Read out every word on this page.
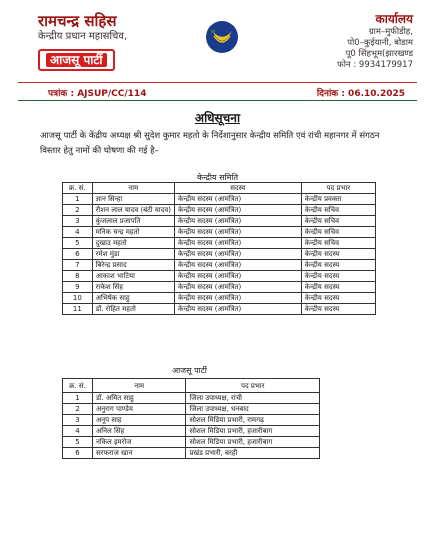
रामचन्द्र सहिस
केन्द्रीय प्रधान महासचिव,
आजसू पार्टी
कार्यालय
ग्राम–मुफीडीह,
पो0–कुईयानी, बोडाम
पू0 सिंहभूम(झारखण्ड
फोन : 9934179917
पत्रांक : AJSUP/CC/114	दिनांक : 06.10.2025
अधिसूचना
आजसू पार्टी के केंद्रीय अध्यक्ष श्री सुदेश कुमार महतो के निर्देशानुसार केन्द्रीय समिति एवं रांची महानगर में संगठन विस्तार हेतु नामों की घोषणा की गई है–
केन्द्रीय समिति
क्र. सं.	नाम	सदस्य	पद प्रभार
1	ज्ञान सिन्हा	केन्द्रीय सदस्य (आमंत्रित)	केन्द्रीय प्रवक्ता
2	रौशन लाल यादव (बंटी यादव)	केन्द्रीय सदस्य (आमंत्रित)	केन्द्रीय सचिव
3	कुंजलाल प्रजापति	केन्द्रीय सदस्य (आमंत्रित)	केन्द्रीय सचिव
4	मनिक चन्द्र महतो	केन्द्रीय सदस्य (आमंत्रित)	केन्द्रीय सचिव
5	दुखाउ महतो	केन्द्रीय सदस्य (आमंत्रित)	केन्द्रीय सचिव
6	रमेश मुंडा	केन्द्रीय सदस्य (आमंत्रित)	केन्द्रीय सदस्य
7	बिरेन्द्र प्रसाद	केन्द्रीय सदस्य (आमंत्रित)	केन्द्रीय सदस्य
8	आकाश भाटिया	केन्द्रीय सदस्य (आमंत्रित)	केन्द्रीय सदस्य
9	राकेश सिंह	केन्द्रीय सदस्य (आमंत्रित)	केन्द्रीय सदस्य
10	अभिषेक साहु	केन्द्रीय सदस्य (आमंत्रित)	केन्द्रीय सदस्य
11	डॉ. रोहित महतो	केन्द्रीय सदस्य (आमंत्रित)	केन्द्रीय सदस्य
आजसू पार्टी
क्र. सं.	नाम	पद प्रभार
1	डॉ. अमित साहु	जिला उपाध्यक्ष, रांची
2	अनुराग पाण्डेय	जिला उपाध्यक्ष, धनबाद
3	अनूप साह	सोशल मिडिया प्रभारी, रामगढ़
4	अनिल सिंह	सोशल मिडिया प्रभारी, हजारीबाग
5	नकिल इमरोज	सोशल मिडिया प्रभारी, हजारीबाग
6	सरफराज खान	प्रखंड प्रभारी, बरही
